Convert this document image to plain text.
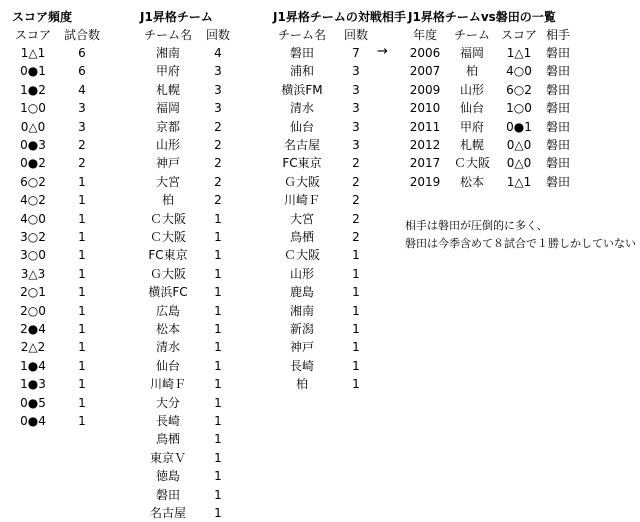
スコア頻度
スコア	試合数
1△1	6
0●1	6
1●2	4
1○0	3
0△0	3
0●3	2
0●2	2
6○2	1
4○2	1
4○0	1
3○2	1
3○0	1
3△3	1
2○1	1
2○0	1
2●4	1
2△2	1
1●4	1
1●3	1
0●5	1
0●4	1
J1昇格チーム
チーム名	回数
湘南	4
甲府	3
札幌	3
福岡	3
京都	2
山形	2
神戸	2
大宮	2
柏	2
Ｃ大阪	1
Ｃ大阪	1
FC東京	1
Ｇ大阪	1
横浜FC	1
広島	1
松本	1
清水	1
仙台	1
川崎Ｆ	1
大分	1
長崎	1
鳥栖	1
東京Ｖ	1
徳島	1
磐田	1
名古屋	1
J1昇格チームの対戦相手
チーム名	回数
磐田	7
浦和	3
横浜FM	3
清水	3
仙台	3
名古屋	3
FC東京	2
Ｇ大阪	2
川崎Ｆ	2
大宮	2
鳥栖	2
Ｃ大阪	1
山形	1
鹿島	1
湘南	1
新潟	1
神戸	1
長崎	1
柏	1
→
J1昇格チームvs磐田の一覧
年度	チーム スコア 相手
2006	福岡	1△1	磐田
2007	柏	4○0	磐田
2009	山形	6○2	磐田
2010	仙台	1○0	磐田
2011	甲府	0●1	磐田
2012	札幌	0△0	磐田
2017	Ｃ大阪	0△0	磐田
2019	松本	1△1	磐田
相手は磐田が圧倒的に多く、
磐田は今季含めて８試合で１勝しかしていない
